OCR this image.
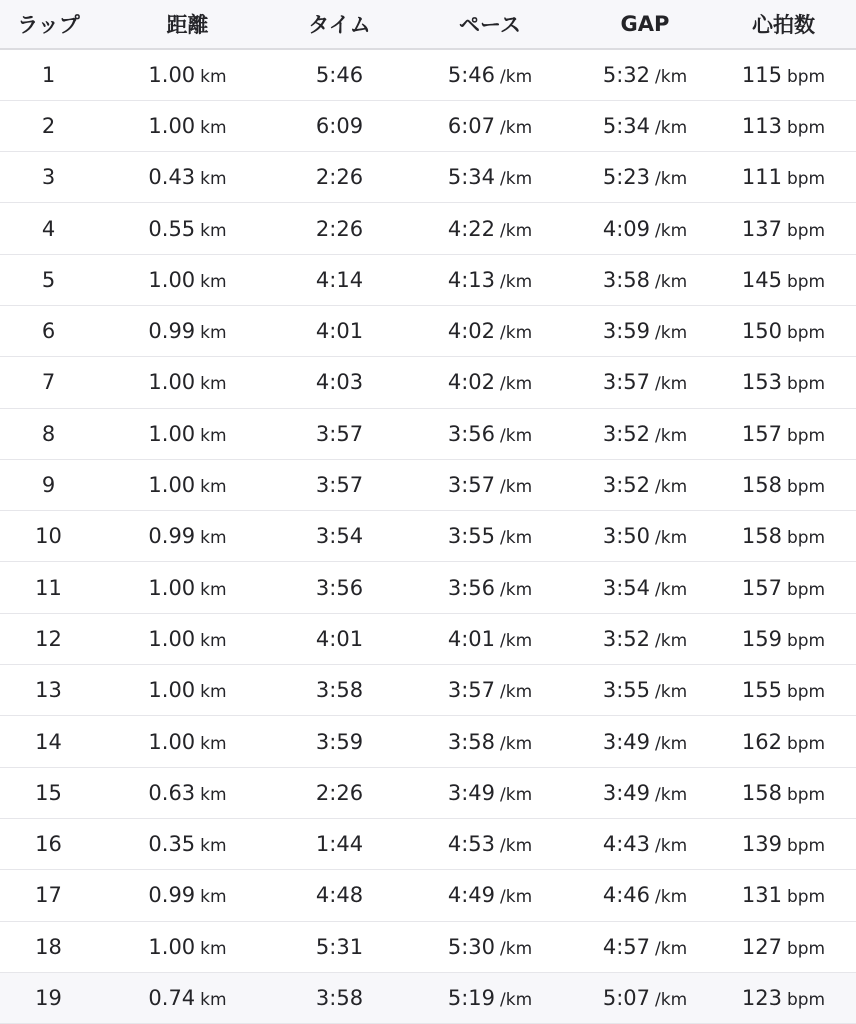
ラップ	距離	タイム	ペース	GAP	心拍数
1	1.00 km	5:46	5:46 /km	5:32 /km	115 bpm
2	1.00 km	6:09	6:07 /km	5:34 /km	113 bpm
3	0.43 km	2:26	5:34 /km	5:23 /km	111 bpm
4	0.55 km	2:26	4:22 /km	4:09 /km	137 bpm
5	1.00 km	4:14	4:13 /km	3:58 /km	145 bpm
6	0.99 km	4:01	4:02 /km	3:59 /km	150 bpm
7	1.00 km	4:03	4:02 /km	3:57 /km	153 bpm
8	1.00 km	3:57	3:56 /km	3:52 /km	157 bpm
9	1.00 km	3:57	3:57 /km	3:52 /km	158 bpm
10	0.99 km	3:54	3:55 /km	3:50 /km	158 bpm
11	1.00 km	3:56	3:56 /km	3:54 /km	157 bpm
12	1.00 km	4:01	4:01 /km	3:52 /km	159 bpm
13	1.00 km	3:58	3:57 /km	3:55 /km	155 bpm
14	1.00 km	3:59	3:58 /km	3:49 /km	162 bpm
15	0.63 km	2:26	3:49 /km	3:49 /km	158 bpm
16	0.35 km	1:44	4:53 /km	4:43 /km	139 bpm
17	0.99 km	4:48	4:49 /km	4:46 /km	131 bpm
18	1.00 km	5:31	5:30 /km	4:57 /km	127 bpm
19	0.74 km	3:58	5:19 /km	5:07 /km	123 bpm
